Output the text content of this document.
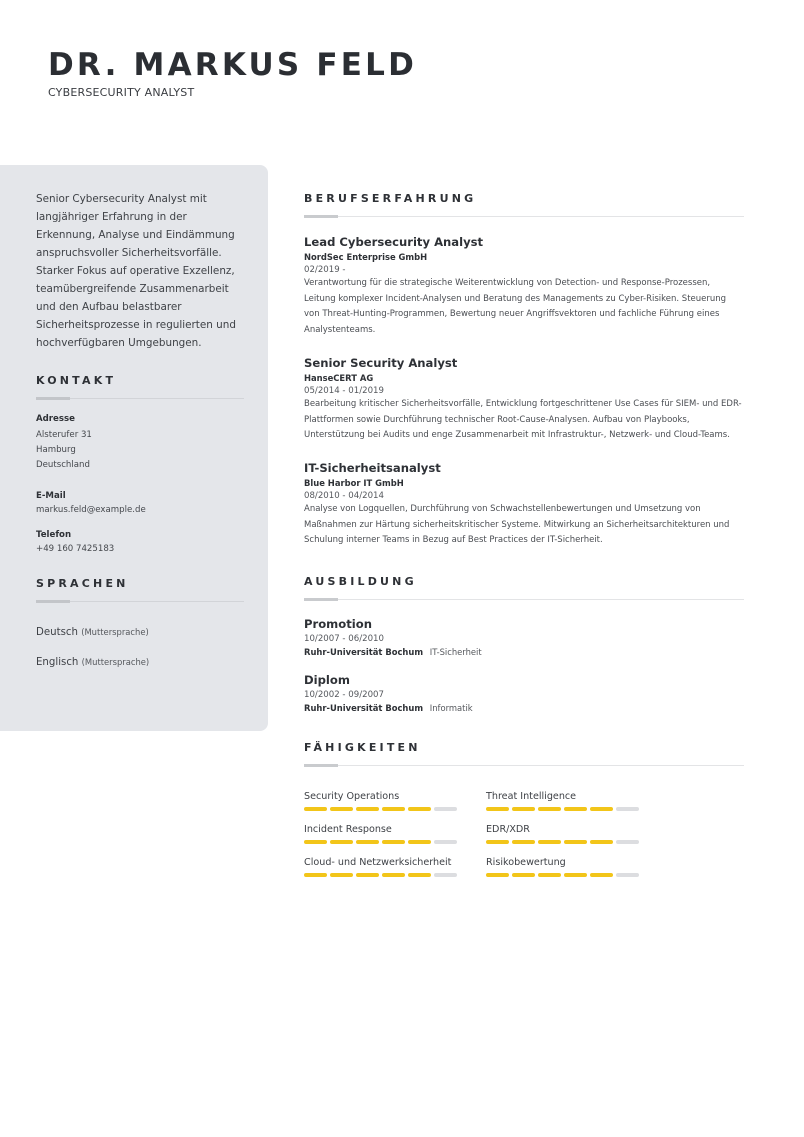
DR. MARKUS FELD
CYBERSECURITY ANALYST

Senior Cybersecurity Analyst mit langjähriger Erfahrung in der Erkennung, Analyse und Eindämmung anspruchsvoller Sicherheitsvorfälle. Starker Fokus auf operative Exzellenz, teamübergreifende Zusammenarbeit und den Aufbau belastbarer Sicherheitsprozesse in regulierten und hochverfügbaren Umgebungen.

KONTAKT
Adresse
Alsterufer 31
Hamburg
Deutschland
E-Mail
markus.feld@example.de
Telefon
+49 160 7425183
SPRACHEN
Deutsch (Muttersprache)
Englisch (Muttersprache)
BERUFSERFAHRUNG
Lead Cybersecurity Analyst
NordSec Enterprise GmbH
02/2019 -
Verantwortung für die strategische Weiterentwicklung von Detection- und Response-Prozessen, Leitung komplexer Incident-Analysen und Beratung des Managements zu Cyber-Risiken. Steuerung von Threat-Hunting-Programmen, Bewertung neuer Angriffsvektoren und fachliche Führung eines Analystenteams.
Senior Security Analyst
HanseCERT AG
05/2014 - 01/2019
Bearbeitung kritischer Sicherheitsvorfälle, Entwicklung fortgeschrittener Use Cases für SIEM- und EDR-Plattformen sowie Durchführung technischer Root-Cause-Analysen. Aufbau von Playbooks, Unterstützung bei Audits und enge Zusammenarbeit mit Infrastruktur-, Netzwerk- und Cloud-Teams.
IT-Sicherheitsanalyst
Blue Harbor IT GmbH
08/2010 - 04/2014
Analyse von Logquellen, Durchführung von Schwachstellenbewertungen und Umsetzung von Maßnahmen zur Härtung sicherheitskritischer Systeme. Mitwirkung an Sicherheitsarchitekturen und Schulung interner Teams in Bezug auf Best Practices der IT-Sicherheit.
AUSBILDUNG
Promotion
10/2007 - 06/2010
Ruhr-Universität Bochum IT-Sicherheit
Diplom
10/2002 - 09/2007
Ruhr-Universität Bochum Informatik
FÄHIGKEITEN
Security Operations	Threat Intelligence
Incident Response	EDR/XDR
Cloud- und Netzwerksicherheit	Risikobewertung
